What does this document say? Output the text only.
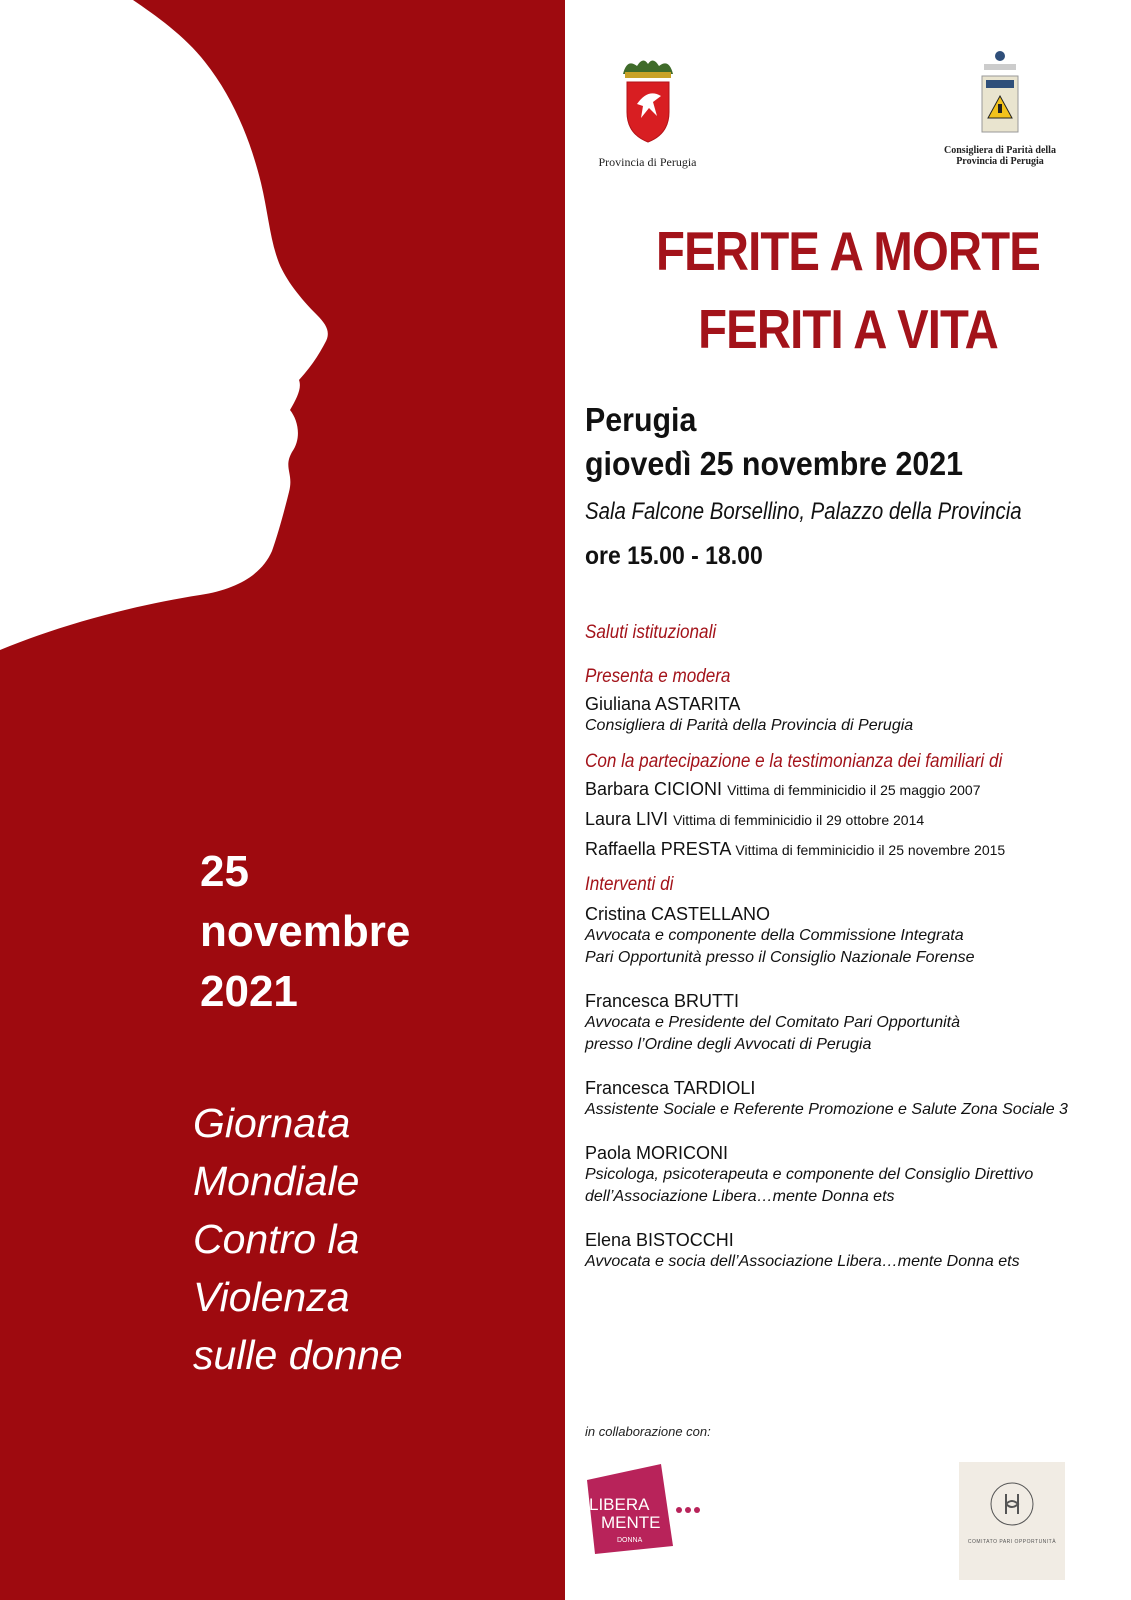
25
novembre
2021
Giornata
Mondiale
Contro la
Violenza
sulle donne
Provincia di Perugia
Consigliera di Parità della
Provincia di Perugia
FERITE A MORTE
FERITI A VITA
Perugia
giovedì 25 novembre 2021
Sala Falcone Borsellino, Palazzo della Provincia
ore 15.00 - 18.00
Saluti istituzionali
Presenta e modera
Giuliana ASTARITA
Consigliera di Parità della Provincia di Perugia
Con la partecipazione e la testimonianza dei familiari di
Barbara CICIONI Vittima di femminicidio il 25 maggio 2007
Laura LIVI Vittima di femminicidio il 29 ottobre 2014
Raffaella PRESTA Vittima di femminicidio il 25 novembre 2015
Interventi di
Cristina CASTELLANO
Avvocata e componente della Commissione Integrata
Pari Opportunità presso il Consiglio Nazionale Forense
Francesca BRUTTI
Avvocata e Presidente del Comitato Pari Opportunità
presso l’Ordine degli Avvocati di Perugia
Francesca TARDIOLI
Assistente Sociale e Referente Promozione e Salute Zona Sociale 3
Paola MORICONI
Psicologa, psicoterapeuta e componente del Consiglio Direttivo
dell’Associazione Libera…mente Donna ets
Elena BISTOCCHI
Avvocata e socia dell’Associazione Libera…mente Donna ets
in collaborazione con:
LIBERA
MENTE
DONNA	COMITATO PARI OPPORTUNITÀ
